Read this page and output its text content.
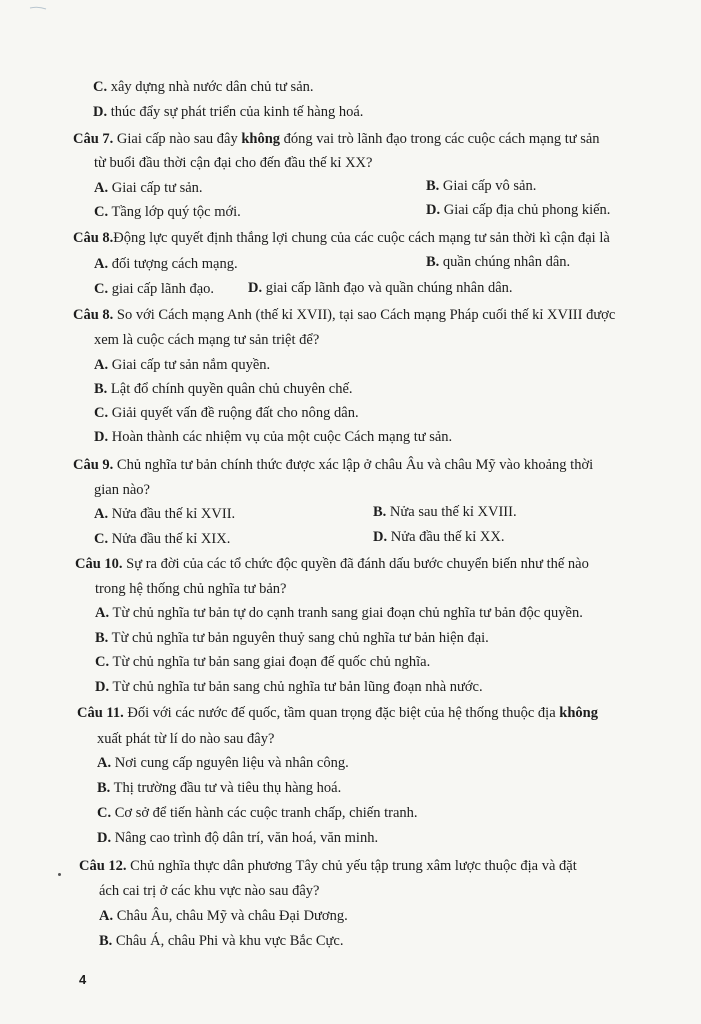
C. xây dựng nhà nước dân chủ tư sản.
D. thúc đẩy sự phát triển của kinh tế hàng hoá.
Câu 7. Giai cấp nào sau đây không đóng vai trò lãnh đạo trong các cuộc cách mạng tư sản
từ buổi đầu thời cận đại cho đến đầu thế kỉ XX?
A. Giai cấp tư sản.	B. Giai cấp vô sản.
C. Tầng lớp quý tộc mới.	D. Giai cấp địa chủ phong kiến.
Câu 8.Động lực quyết định thắng lợi chung của các cuộc cách mạng tư sản thời kì cận đại là
A. đối tượng cách mạng.	B. quần chúng nhân dân.
C. giai cấp lãnh đạo. D. giai cấp lãnh đạo và quần chúng nhân dân.
Câu 8. So với Cách mạng Anh (thế kỉ XVII), tại sao Cách mạng Pháp cuối thế kỉ XVIII được
xem là cuộc cách mạng tư sản triệt để?
A. Giai cấp tư sản nắm quyền.
B. Lật đổ chính quyền quân chủ chuyên chế.
C. Giải quyết vấn đề ruộng đất cho nông dân.
D. Hoàn thành các nhiệm vụ của một cuộc Cách mạng tư sản.
Câu 9. Chủ nghĩa tư bản chính thức được xác lập ở châu Âu và châu Mỹ vào khoảng thời
gian nào?
A. Nửa đầu thế kỉ XVII.	B. Nửa sau thế kỉ XVIII.
C. Nửa đầu thế kỉ XIX.	D. Nửa đầu thế kỉ XX.
Câu 10. Sự ra đời của các tổ chức độc quyền đã đánh dấu bước chuyển biến như thế nào
trong hệ thống chủ nghĩa tư bản?
A. Từ chủ nghĩa tư bản tự do cạnh tranh sang giai đoạn chủ nghĩa tư bản độc quyền.
B. Từ chủ nghĩa tư bản nguyên thuỷ sang chủ nghĩa tư bản hiện đại.
C. Từ chủ nghĩa tư bản sang giai đoạn đế quốc chủ nghĩa.
D. Từ chủ nghĩa tư bản sang chủ nghĩa tư bản lũng đoạn nhà nước.
Câu 11. Đối với các nước đế quốc, tầm quan trọng đặc biệt của hệ thống thuộc địa không
xuất phát từ lí do nào sau đây?
A. Nơi cung cấp nguyên liệu và nhân công.
B. Thị trường đầu tư và tiêu thụ hàng hoá.
C. Cơ sở để tiến hành các cuộc tranh chấp, chiến tranh.
D. Nâng cao trình độ dân trí, văn hoá, văn minh.
Câu 12. Chủ nghĩa thực dân phương Tây chủ yếu tập trung xâm lược thuộc địa và đặt
ách cai trị ở các khu vực nào sau đây?
A. Châu Âu, châu Mỹ và châu Đại Dương.
B. Châu Á, châu Phi và khu vực Bắc Cực.
4
